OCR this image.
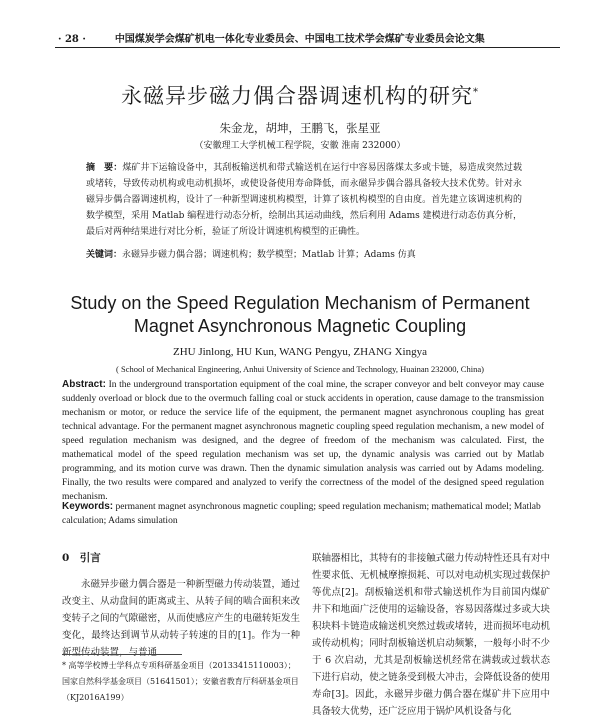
· 28 ·	中国煤炭学会煤矿机电一体化专业委员会、中国电工技术学会煤矿专业委员会论文集
永磁异步磁力偶合器调速机构的研究*
朱金龙，胡坤，王鹏飞，张星亚
（安徽理工大学机械工程学院，安徽 淮南 232000）
摘　要：煤矿井下运输设备中，其刮板输送机和带式输送机在运行中容易因落煤太多或卡链，易造成突然过载或堵转，导致传动机构或电动机损坏，或使设备使用寿命降低，而永磁异步偶合器具备较大技术优势。针对永磁异步偶合器调速机构，设计了一种新型调速机构模型，计算了该机构模型的自由度。首先建立该调速机构的数学模型，采用 Matlab 编程进行动态分析，绘制出其运动曲线，然后利用 Adams 建模进行动态仿真分析，最后对两种结果进行对比分析，验证了所设计调速机构模型的正确性。
关键词：永磁异步磁力偶合器；调速机构；数学模型；Matlab 计算；Adams 仿真
Study on the Speed Regulation Mechanism of Permanent
Magnet Asynchronous Magnetic Coupling
ZHU Jinlong, HU Kun, WANG Pengyu, ZHANG Xingya
( School of Mechanical Engineering, Anhui University of Science and Technology, Huainan 232000, China)
Abstract: In the underground transportation equipment of the coal mine, the scraper conveyor and belt conveyor may cause suddenly overload or block due to the overmuch falling coal or stuck accidents in operation, cause damage to the transmission mechanism or motor, or reduce the service life of the equipment, the permanent magnet asynchronous coupling has great technical advantage. For the permanent magnet asynchronous magnetic coupling speed regulation mechanism, a new model of speed regulation mechanism was designed, and the degree of freedom of the mechanism was calculated. First, the mathematical model of the speed regulation mechanism was set up, the dynamic analysis was carried out by Matlab programming, and its motion curve was drawn. Then the dynamic simulation analysis was carried out by Adams modeling. Finally, the two results were compared and analyzed to verify the correctness of the model of the designed speed regulation mechanism.
Keywords: permanent magnet asynchronous magnetic coupling; speed regulation mechanism; mathematical model; Matlab calculation; Adams simulation
0　引言

永磁异步磁力偶合器是一种新型磁力传动装置，通过改变主、从动盘间的距离或主、从转子间的啮合面积来改变转子之间的气隙磁密，从而使感应产生的电磁转矩发生变化，最终达到调节从动转子转速的目的[1]。作为一种新型传动装置，与普通

联轴器相比，其特有的非接触式磁力传动特性还具有对中性要求低、无机械摩擦损耗、可以对电动机实现过载保护等优点[2]。刮板输送机和带式输送机作为目前国内煤矿井下和地面广泛使用的运输设备，容易因落煤过多或大块积块料卡链造成输送机突然过载或堵转，进而损坏电动机或传动机构；同时刮板输送机启动频繁，一般每小时不少于 6 次启动，尤其是刮板输送机经常在满载或过载状态下进行启动，使之链条受到极大冲击，会降低设备的使用寿命[3]。因此，永磁异步磁力偶合器在煤矿井下应用中具备较大优势，还广泛应用于锅炉风机设备与化

* 高等学校博士学科点专项科研基金项目（20133415110003）；国家自然科学基金项目（51641501）；安徽省教育厅科研基金项目（KJ2016A199）
